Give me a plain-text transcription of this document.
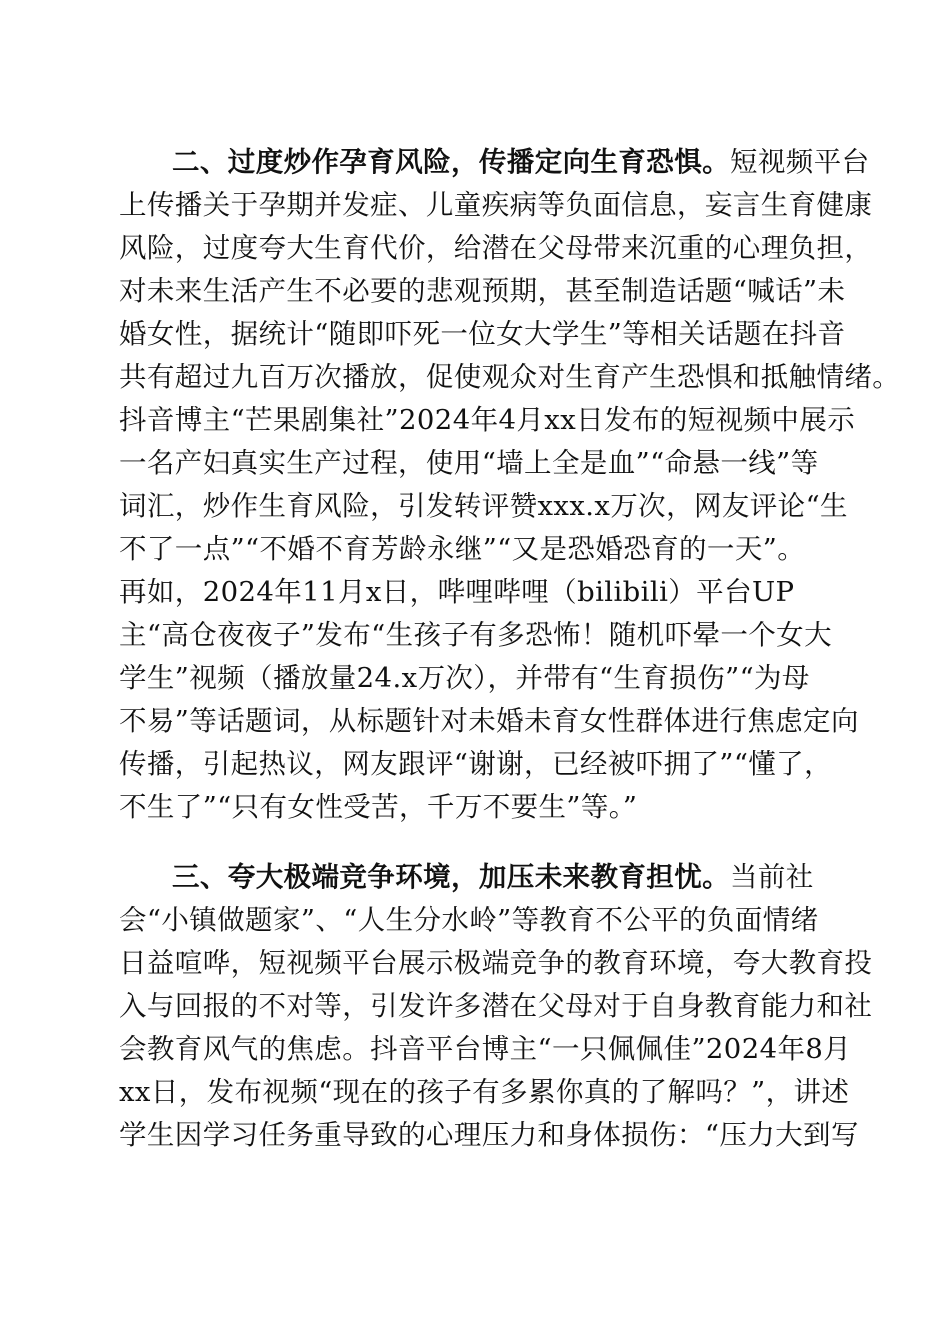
二、过度炒作孕育风险，传播定向生育恐惧。短视频平台
上传播关于孕期并发症、儿童疾病等负面信息，妄言生育健康
风险，过度夸大生育代价，给潜在父母带来沉重的心理负担，
对未来生活产生不必要的悲观预期，甚至制造话题“喊话”未
婚女性，据统计“随即吓死一位女大学生”等相关话题在抖音
共有超过九百万次播放，促使观众对生育产生恐惧和抵触情绪。
抖音博主“芒果剧集社”2024年4月xx日发布的短视频中展示
一名产妇真实生产过程，使用“墙上全是血”“命悬一线”等
词汇，炒作生育风险，引发转评赞xxx.x万次，网友评论“生
不了一点”“不婚不育芳龄永继”“又是恐婚恐育的一天”。
再如，2024年11月x日，哔哩哔哩（bilibili）平台UP
主“高仓夜夜子”发布“生孩子有多恐怖！随机吓晕一个女大
学生”视频（播放量24.x万次），并带有“生育损伤”“为母
不易”等话题词，从标题针对未婚未育女性群体进行焦虑定向
传播，引起热议，网友跟评“谢谢，已经被吓拥了”“懂了，
不生了”“只有女性受苦，千万不要生”等。”
三、夸大极端竞争环境，加压未来教育担忧。当前社
会“小镇做题家”、“人生分水岭”等教育不公平的负面情绪
日益喧哗，短视频平台展示极端竞争的教育环境，夸大教育投
入与回报的不对等，引发许多潜在父母对于自身教育能力和社
会教育风气的焦虑。抖音平台博主“一只佩佩佳”2024年8月
xx日，发布视频“现在的孩子有多累你真的了解吗？”，讲述
学生因学习任务重导致的心理压力和身体损伤：“压力大到写
